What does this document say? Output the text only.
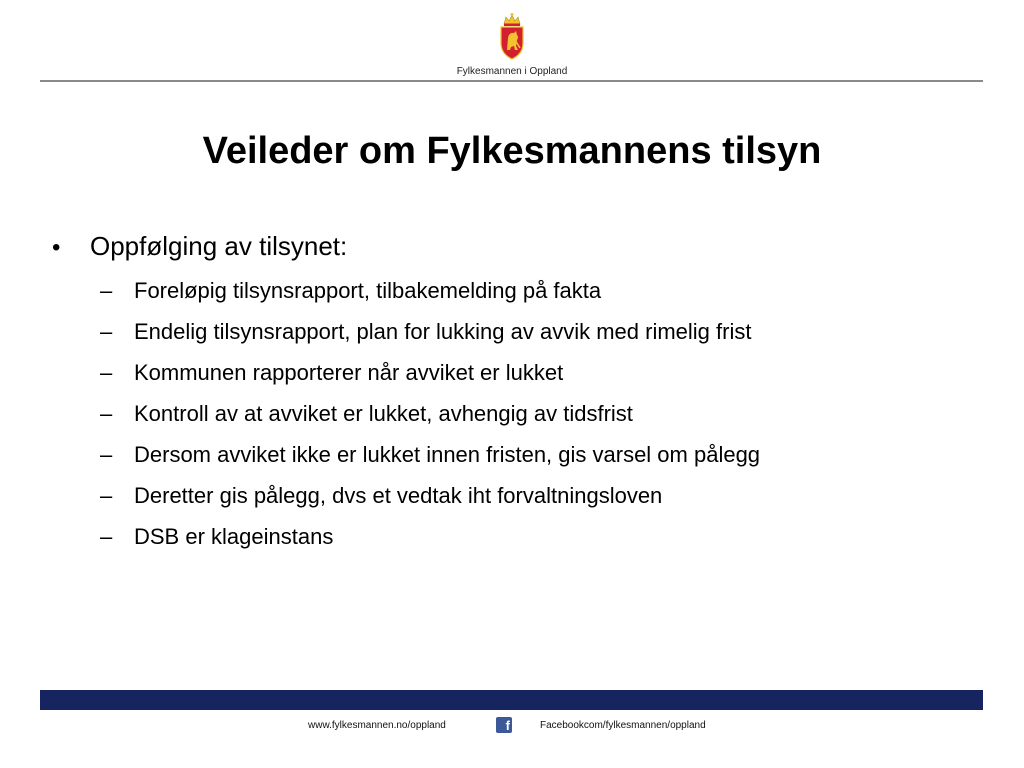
Fylkesmannen i Oppland
Veileder om Fylkesmannens tilsyn
•	Oppfølging av tilsynet:
– Foreløpig tilsynsrapport, tilbakemelding på fakta
– Endelig tilsynsrapport, plan for lukking av avvik med rimelig frist
– Kommunen rapporterer når avviket er lukket
– Kontroll av at avviket er lukket, avhengig av tidsfrist
– Dersom avviket ikke er lukket innen fristen, gis varsel om pålegg
– Deretter gis pålegg, dvs et vedtak iht forvaltningsloven
– DSB er klageinstans
www.fylkesmannen.no/oppland	f	Facebookcom/fylkesmannen/oppland
